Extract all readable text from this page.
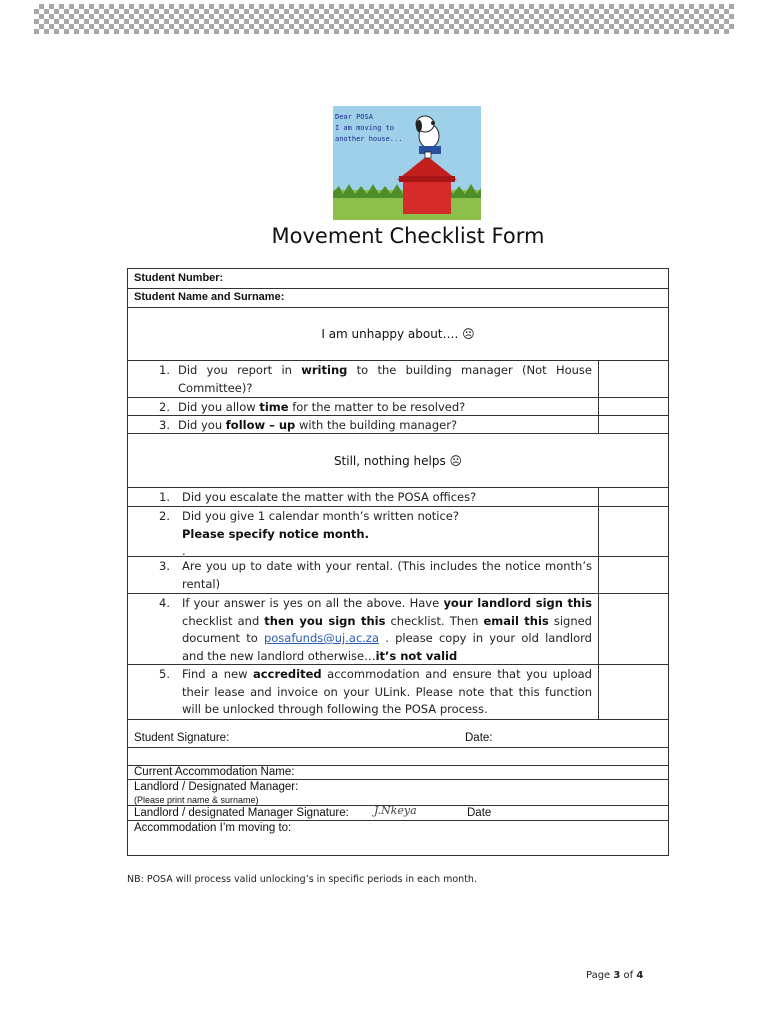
Dear POSA
I am moving to
another house...
Movement Checklist Form
Student Number:
Student Name and Surname:
I am unhappy about…. ☹
1. Did you report in writing to the building manager (Not House Committee)?
2. Did you allow time for the matter to be resolved?
3. Did you follow – up with the building manager?
Still, nothing helps ☹
1. Did you escalate the matter with the POSA offices?
2. Did you give 1 calendar month’s written notice?
Please specify notice month.
.
3. Are you up to date with your rental. (This includes the notice month’s rental)
4. If your answer is yes on all the above. Have your landlord sign this checklist and then you sign this checklist. Then email this signed document to posafunds@uj.ac.za . please copy in your old landlord and the new landlord otherwise…it’s not valid
5. Find a new accredited accommodation and ensure that you upload their lease and invoice on your ULink. Please note that this function will be unlocked through following the POSA process.
Student Signature:	Date:
Current Accommodation Name:
Landlord / Designated Manager:
(Please print name & surname)
Landlord / designated Manager Signature: J.Nkeya	Date
Accommodation I’m moving to:
NB: POSA will process valid unlocking’s in specific periods in each month.
Page 3 of 4
